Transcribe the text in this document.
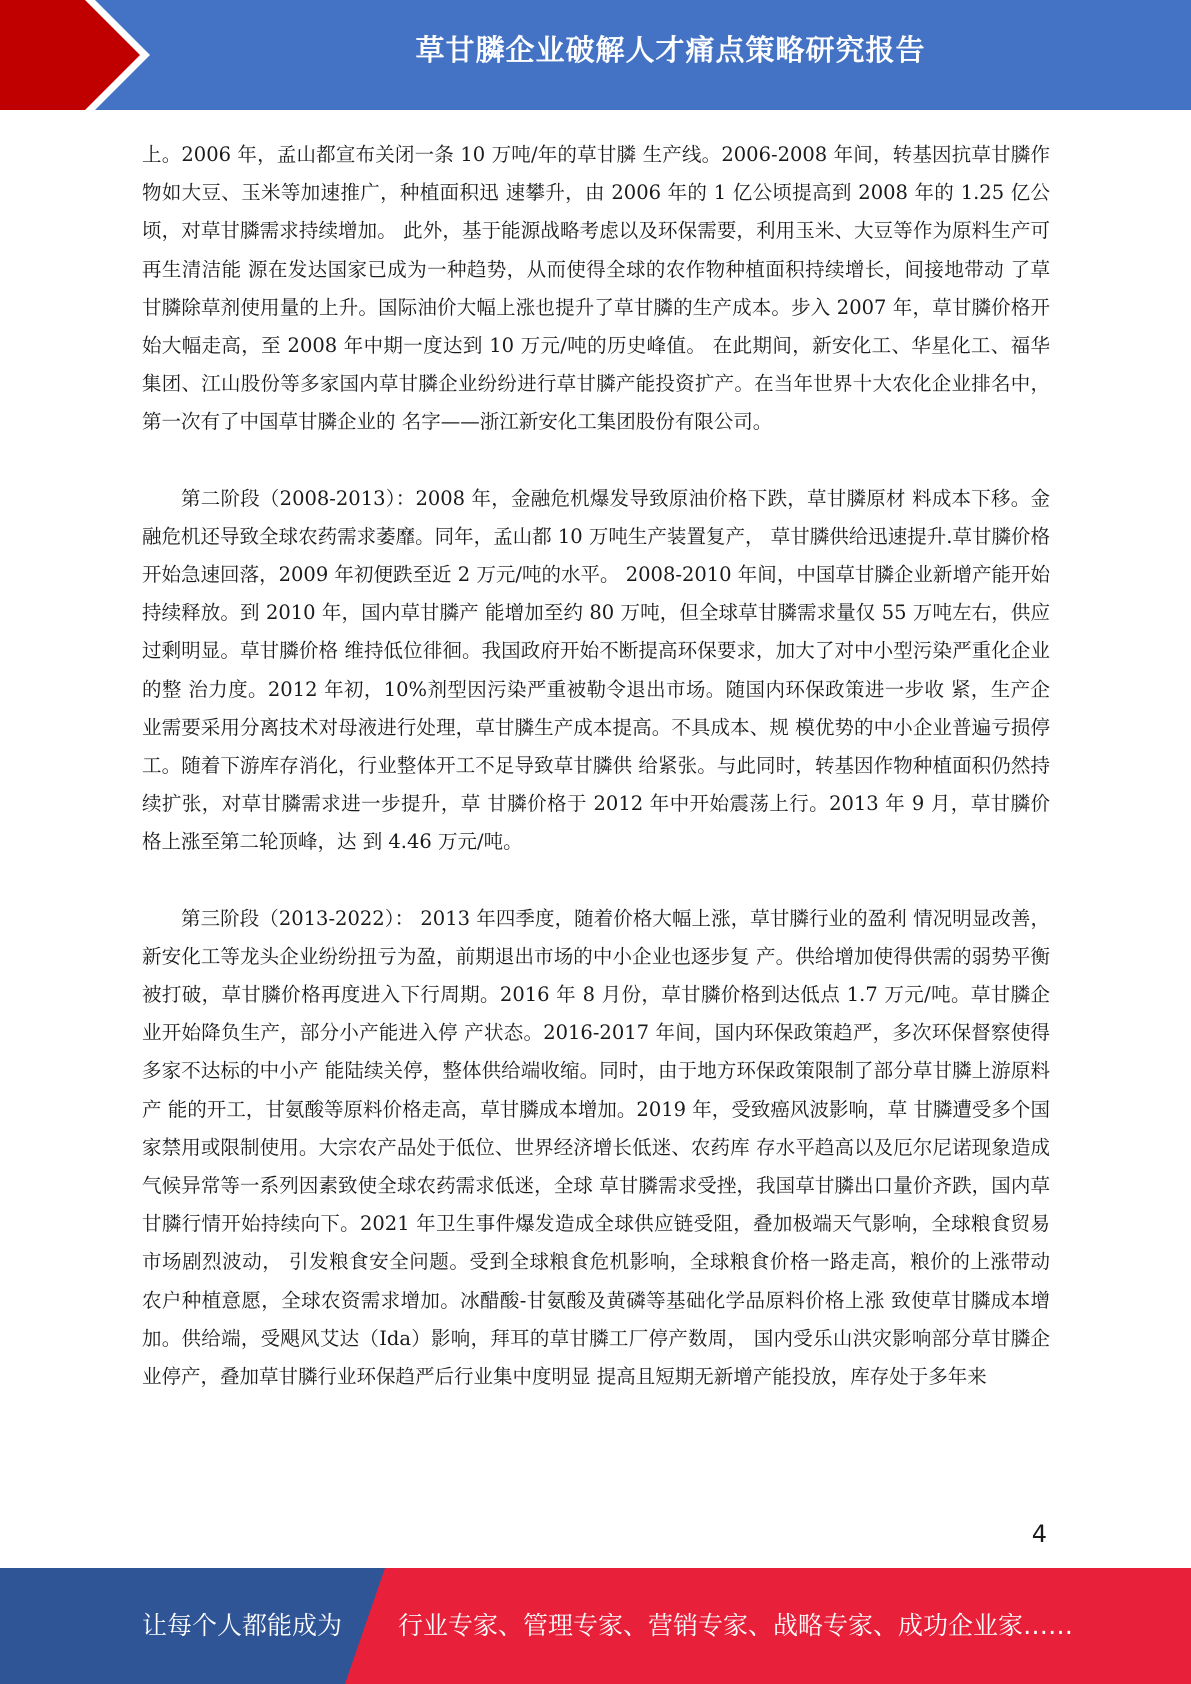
草甘膦企业破解人才痛点策略研究报告

上。2006 年，孟山都宣布关闭一条 10 万吨/年的草甘膦 生产线。2006-2008 年间，转基因抗草甘膦作物如大豆、玉米等加速推广，种植面积迅 速攀升，由 2006 年的 1 亿公顷提高到 2008 年的 1.25 亿公顷，对草甘膦需求持续增加。 此外，基于能源战略考虑以及环保需要，利用玉米、大豆等作为原料生产可再生清洁能 源在发达国家已成为一种趋势，从而使得全球的农作物种植面积持续增长，间接地带动 了草甘膦除草剂使用量的上升。国际油价大幅上涨也提升了草甘膦的生产成本。步入 2007 年，草甘膦价格开始大幅走高，至 2008 年中期一度达到 10 万元/吨的历史峰值。 在此期间，新安化工、华星化工、福华集团、江山股份等多家国内草甘膦企业纷纷进行草甘膦产能投资扩产。在当年世界十大农化企业排名中，第一次有了中国草甘膦企业的 名字——浙江新安化工集团股份有限公司。

第二阶段（2008-2013）：2008 年，金融危机爆发导致原油价格下跌，草甘膦原材 料成本下移。金融危机还导致全球农药需求萎靡。同年，孟山都 10 万吨生产装置复产， 草甘膦供给迅速提升.草甘膦价格开始急速回落，2009 年初便跌至近 2 万元/吨的水平。 2008-2010 年间，中国草甘膦企业新增产能开始持续释放。到 2010 年，国内草甘膦产 能增加至约 80 万吨，但全球草甘膦需求量仅 55 万吨左右，供应过剩明显。草甘膦价格 维持低位徘徊。我国政府开始不断提高环保要求，加大了对中小型污染严重化企业的整 治力度。2012 年初，10%剂型因污染严重被勒令退出市场。随国内环保政策进一步收 紧，生产企业需要采用分离技术对母液进行处理，草甘膦生产成本提高。不具成本、规 模优势的中小企业普遍亏损停工。随着下游库存消化，行业整体开工不足导致草甘膦供 给紧张。与此同时，转基因作物种植面积仍然持续扩张，对草甘膦需求进一步提升，草 甘膦价格于 2012 年中开始震荡上行。2013 年 9 月，草甘膦价格上涨至第二轮顶峰，达 到 4.46 万元/吨。

第三阶段（2013-2022）： 2013 年四季度，随着价格大幅上涨，草甘膦行业的盈利 情况明显改善，新安化工等龙头企业纷纷扭亏为盈，前期退出市场的中小企业也逐步复 产。供给增加使得供需的弱势平衡被打破，草甘膦价格再度进入下行周期。2016 年 8 月份，草甘膦价格到达低点 1.7 万元/吨。草甘膦企业开始降负生产，部分小产能进入停 产状态。2016-2017 年间，国内环保政策趋严，多次环保督察使得多家不达标的中小产 能陆续关停，整体供给端收缩。同时，由于地方环保政策限制了部分草甘膦上游原料产 能的开工，甘氨酸等原料价格走高，草甘膦成本增加。2019 年，受致癌风波影响，草 甘膦遭受多个国家禁用或限制使用。大宗农产品处于低位、世界经济增长低迷、农药库 存水平趋高以及厄尔尼诺现象造成气候异常等一系列因素致使全球农药需求低迷，全球 草甘膦需求受挫，我国草甘膦出口量价齐跌，国内草甘膦行情开始持续向下。2021 年卫生事件爆发造成全球供应链受阻，叠加极端天气影响，全球粮食贸易市场剧烈波动， 引发粮食安全问题。受到全球粮食危机影响，全球粮食价格一路走高，粮价的上涨带动 农户种植意愿，全球农资需求增加。冰醋酸-甘氨酸及黄磷等基础化学品原料价格上涨 致使草甘膦成本增加。供给端，受飓风艾达（Ida）影响，拜耳的草甘膦工厂停产数周， 国内受乐山洪灾影响部分草甘膦企业停产，叠加草甘膦行业环保趋严后行业集中度明显 提高且短期无新增产能投放，库存处于多年来

4
让每个人都能成为 行业专家、管理专家、营销专家、战略专家、成功企业家……
